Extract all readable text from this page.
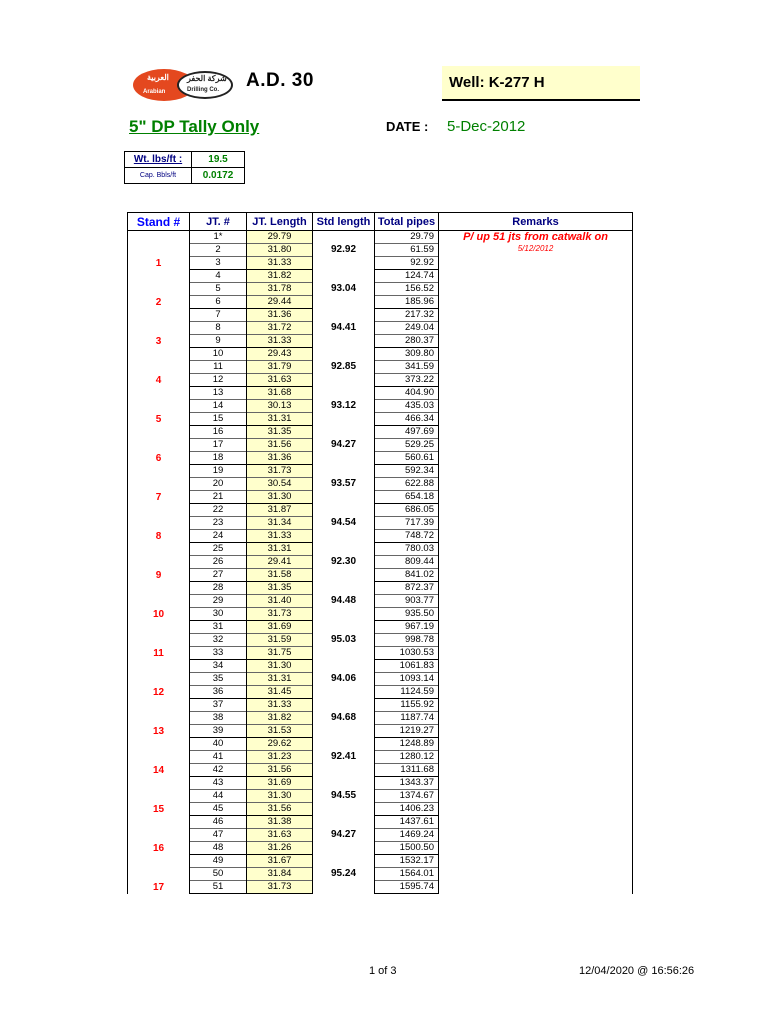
العربية
Arabian
شركة الحفر
Drilling Co. A.D. 30	Well: K-277 H
5" DP Tally Only	DATE : 5-Dec-2012
Wt. lbs/ft :	19.5
Cap. Bbls/ft	0.0172
Stand #	JT. #	JT. Length	Std length	Total pipes	Remarks
1	1*	29.79	92.92	29.79	P/ up 51 jts from catwalk on
5/12/2012

	2	31.80		61.59	
	3	31.33		92.92	
2	4	31.82	93.04	124.74	
	5	31.78		156.52	
	6	29.44		185.96	
3	7	31.36	94.41	217.32	
	8	31.72		249.04	
	9	31.33		280.37	
4	10	29.43	92.85	309.80	
	11	31.79		341.59	
	12	31.63		373.22	
5	13	31.68	93.12	404.90	
	14	30.13		435.03	
	15	31.31		466.34	
6	16	31.35	94.27	497.69	
	17	31.56		529.25	
	18	31.36		560.61	
7	19	31.73	93.57	592.34	
	20	30.54		622.88	
	21	31.30		654.18	
8	22	31.87	94.54	686.05	
	23	31.34		717.39	
	24	31.33		748.72	
9	25	31.31	92.30	780.03	
	26	29.41		809.44	
	27	31.58		841.02	
10	28	31.35	94.48	872.37	
	29	31.40		903.77	
	30	31.73		935.50	
11	31	31.69	95.03	967.19	
	32	31.59		998.78	
	33	31.75		1030.53	
12	34	31.30	94.06	1061.83	
	35	31.31		1093.14	
	36	31.45		1124.59	
13	37	31.33	94.68	1155.92	
	38	31.82		1187.74	
	39	31.53		1219.27	
14	40	29.62	92.41	1248.89	
	41	31.23		1280.12	
	42	31.56		1311.68	
15	43	31.69	94.55	1343.37	
	44	31.30		1374.67	
	45	31.56		1406.23	
16	46	31.38	94.27	1437.61	
	47	31.63		1469.24	
	48	31.26		1500.50	
17	49	31.67	95.24	1532.17	
	50	31.84		1564.01	
	51	31.73		1595.74	
1 of 3	12/04/2020 @ 16:56:26
